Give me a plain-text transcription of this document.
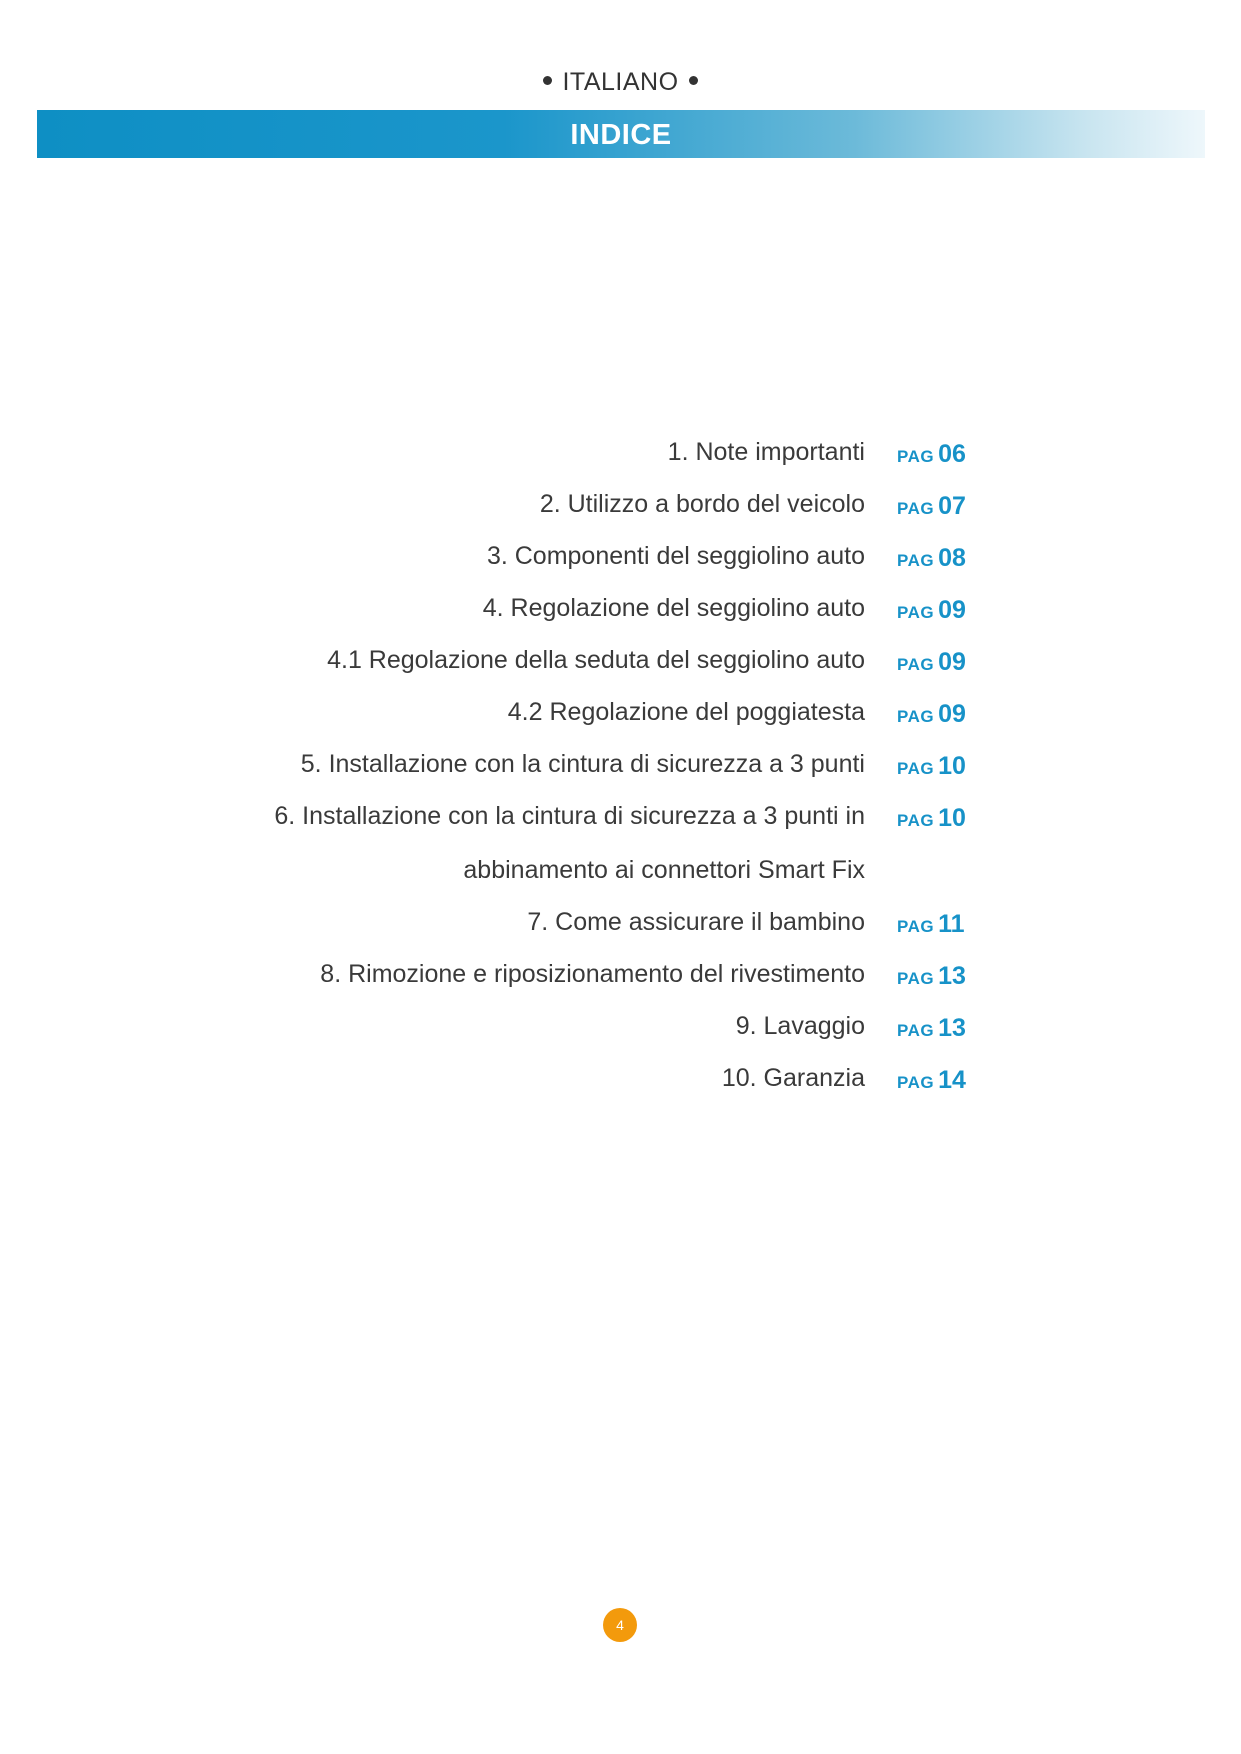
ITALIANO
INDICE
1. Note importanti PAG 06
2. Utilizzo a bordo del veicolo PAG 07
3. Componenti del seggiolino auto PAG 08
4. Regolazione del seggiolino auto PAG 09
4.1 Regolazione della seduta del seggiolino auto PAG 09
4.2 Regolazione del poggiatesta PAG 09
5. Installazione con la cintura di sicurezza a 3 punti PAG 10
6. Installazione con la cintura di sicurezza a 3 punti in PAG 10
abbinamento ai connettori Smart Fix
7. Come assicurare il bambino PAG 11
8. Rimozione e riposizionamento del rivestimento PAG 13
9. Lavaggio PAG 13
10. Garanzia PAG 14
4
